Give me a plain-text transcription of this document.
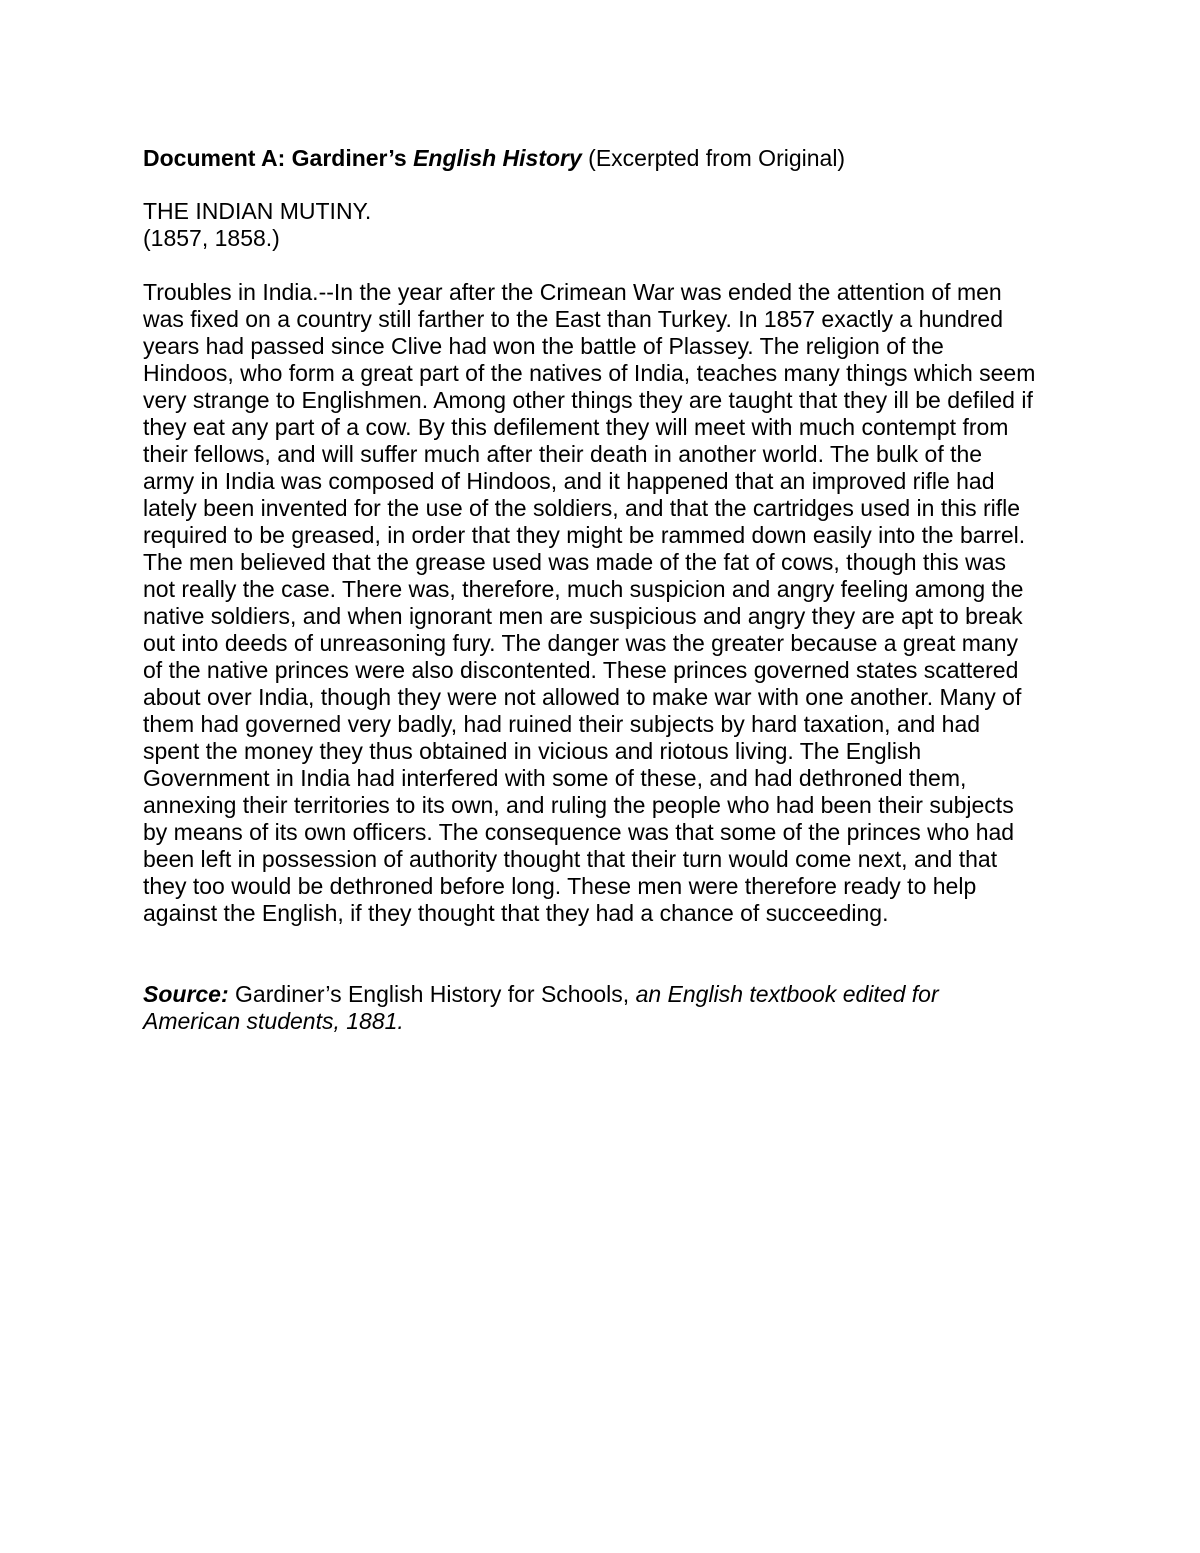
Document A: Gardiner’s English History (Excerpted from Original)
THE INDIAN MUTINY.
(1857, 1858.)
Troubles in India.--In the year after the Crimean War was ended the attention of men
was fixed on a country still farther to the East than Turkey. In 1857 exactly a hundred
years had passed since Clive had won the battle of Plassey. The religion of the
Hindoos, who form a great part of the natives of India, teaches many things which seem
very strange to Englishmen. Among other things they are taught that they ill be defiled if
they eat any part of a cow. By this defilement they will meet with much contempt from
their fellows, and will suffer much after their death in another world. The bulk of the
army in India was composed of Hindoos, and it happened that an improved rifle had
lately been invented for the use of the soldiers, and that the cartridges used in this rifle
required to be greased, in order that they might be rammed down easily into the barrel.
The men believed that the grease used was made of the fat of cows, though this was
not really the case. There was, therefore, much suspicion and angry feeling among the
native soldiers, and when ignorant men are suspicious and angry they are apt to break
out into deeds of unreasoning fury. The danger was the greater because a great many
of the native princes were also discontented. These princes governed states scattered
about over India, though they were not allowed to make war with one another. Many of
them had governed very badly, had ruined their subjects by hard taxation, and had
spent the money they thus obtained in vicious and riotous living. The English
Government in India had interfered with some of these, and had dethroned them,
annexing their territories to its own, and ruling the people who had been their subjects
by means of its own officers. The consequence was that some of the princes who had
been left in possession of authority thought that their turn would come next, and that
they too would be dethroned before long. These men were therefore ready to help
against the English, if they thought that they had a chance of succeeding.
Source: Gardiner’s English History for Schools, an English textbook edited for
American students, 1881.
